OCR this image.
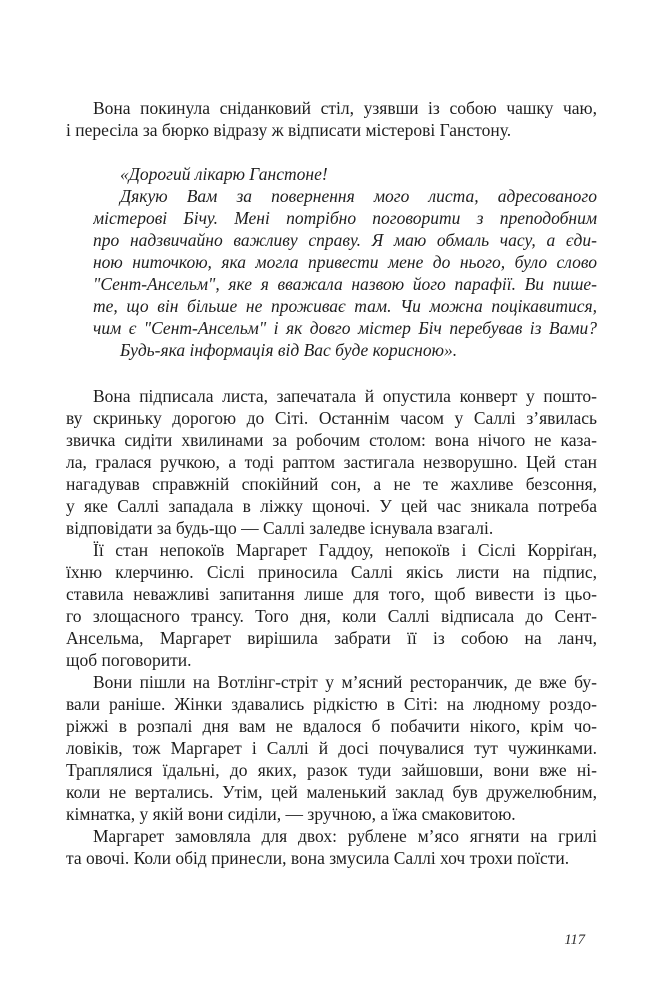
Вона покинула сніданковий стіл, узявши із собою чашку чаю,
і пересіла за бюрко відразу ж відписати містерові Ганстону.
«Дорогий лікарю Ганстоне!
Дякую Вам за повернення мого листа, адресованого
містерові Бічу. Мені потрібно поговорити з преподобним
про надзвичайно важливу справу. Я маю обмаль часу, а єди-
ною ниточкою, яка могла привести мене до нього, було слово
"Сент-Ансельм", яке я вважала назвою його парафії. Ви пише-
те, що він більше не проживає там. Чи можна поцікавитися,
чим є "Сент-Ансельм" і як довго містер Біч перебував із Вами?
Будь-яка інформація від Вас буде корисною».
Вона підписала листа, запечатала й опустила конверт у пошто-
ву скриньку дорогою до Сіті. Останнім часом у Саллі з’явилась
звичка сидіти хвилинами за робочим столом: вона нічого не каза-
ла, гралася ручкою, а тоді раптом застигала незворушно. Цей стан
нагадував справжній спокійний сон, а не те жахливе безсоння,
у яке Саллі западала в ліжку щоночі. У цей час зникала потреба
відповідати за будь-що — Саллі заледве існувала взагалі.
Її стан непокоїв Маргарет Гаддоу, непокоїв і Сіслі Корріґан,
їхню клерчиню. Сіслі приносила Саллі якісь листи на підпис,
ставила неважливі запитання лише для того, щоб вивести із цьо-
го злощасного трансу. Того дня, коли Саллі відписала до Сент-
Ансельма, Маргарет вирішила забрати її із собою на ланч,
щоб поговорити.
Вони пішли на Вотлінг-стріт у м’ясний ресторанчик, де вже бу-
вали раніше. Жінки здавались рідкістю в Сіті: на людному роздо-
ріжжі в розпалі дня вам не вдалося б побачити нікого, крім чо-
ловіків, тож Маргарет і Саллі й досі почувалися тут чужинками.
Траплялися їдальні, до яких, разок туди зайшовши, вони вже ні-
коли не вертались. Утім, цей маленький заклад був дружелюбним,
кімнатка, у якій вони сиділи, — зручною, а їжа смаковитою.
Маргарет замовляла для двох: рублене м’ясо ягняти на грилі
та овочі. Коли обід принесли, вона змусила Саллі хоч трохи поїсти.
117
